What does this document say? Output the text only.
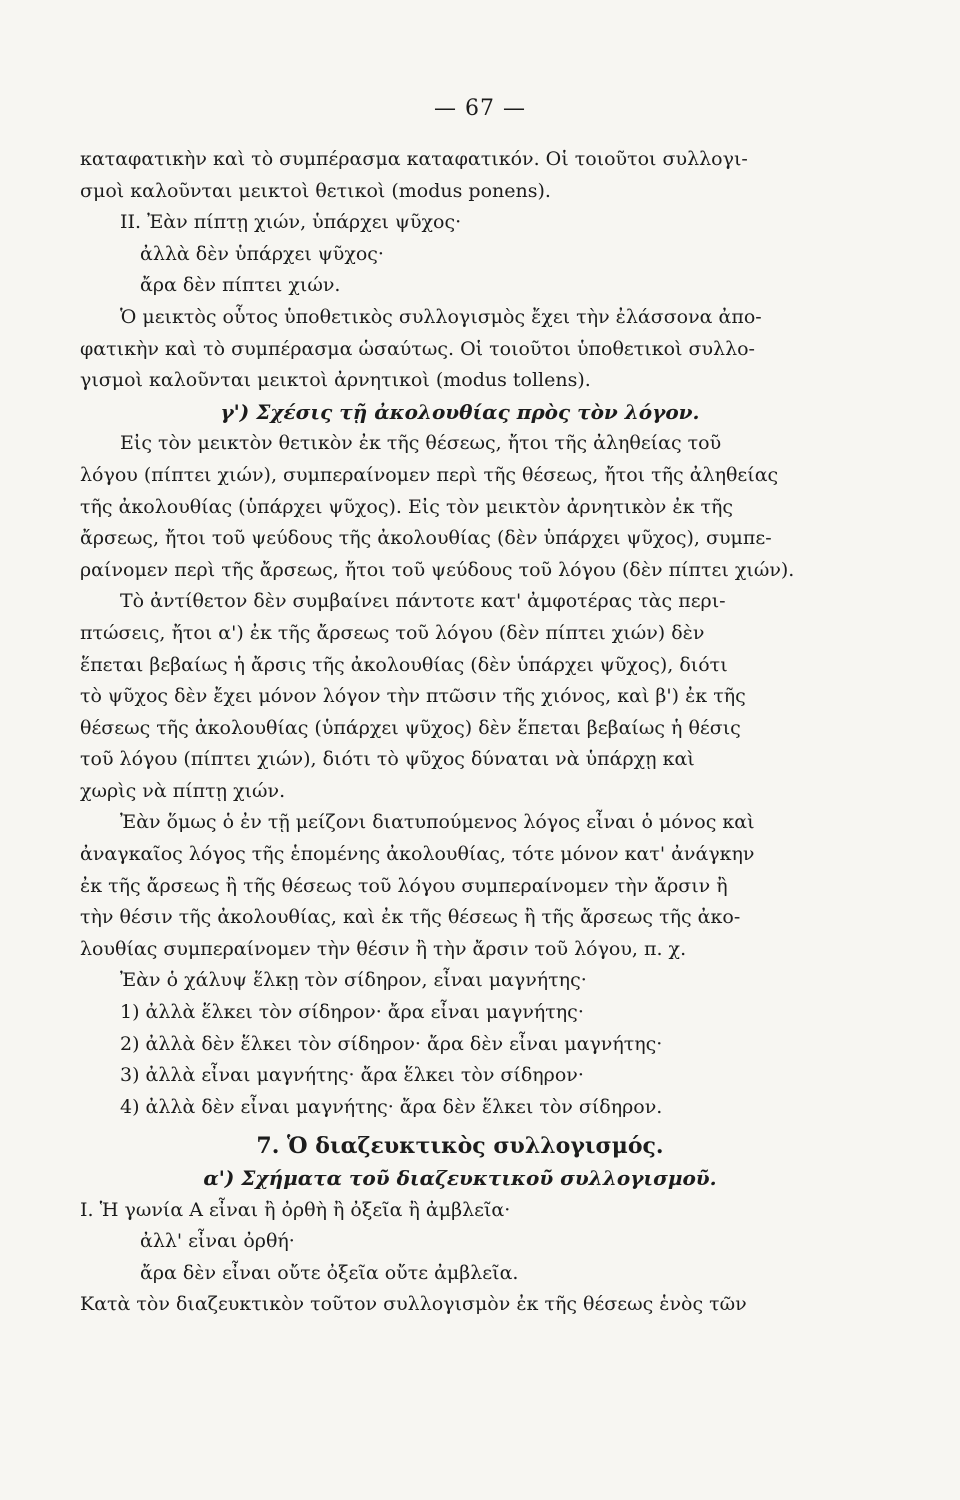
— 67 —
καταφατικὴν καὶ τὸ συμπέρασμα καταφατικόν. Οἱ τοιοῦτοι συλλογι-
σμοὶ καλοῦνται μεικτοὶ θετικοὶ (modus ponens).
II. Ἐὰν πίπτῃ χιών, ὑπάρχει ψῦχος·
ἀλλὰ δὲν ὑπάρχει ψῦχος·
ἄρα δὲν πίπτει χιών.
Ὁ μεικτὸς οὗτος ὑποθετικὸς συλλογισμὸς ἔχει τὴν ἐλάσσονα ἀπο-
φατικὴν καὶ τὸ συμπέρασμα ὡσαύτως. Οἱ τοιοῦτοι ὑποθετικοὶ συλλο-
γισμοὶ καλοῦνται μεικτοὶ ἀρνητικοὶ (modus tollens).
γ') Σχέσις τῇ ἀκολουθίας πρὸς τὸν λόγον.
Εἰς τὸν μεικτὸν θετικὸν ἐκ τῆς θέσεως, ἤτοι τῆς ἀληθείας τοῦ
λόγου (πίπτει χιών), συμπεραίνομεν περὶ τῆς θέσεως, ἤτοι τῆς ἀληθείας
τῆς ἀκολουθίας (ὑπάρχει ψῦχος). Εἰς τὸν μεικτὸν ἀρνητικὸν ἐκ τῆς
ἄρσεως, ἤτοι τοῦ ψεύδους τῆς ἀκολουθίας (δὲν ὑπάρχει ψῦχος), συμπε-
ραίνομεν περὶ τῆς ἄρσεως, ἤτοι τοῦ ψεύδους τοῦ λόγου (δὲν πίπτει χιών).
Τὸ ἀντίθετον δὲν συμβαίνει πάντοτε κατ' ἀμφοτέρας τὰς περι-
πτώσεις, ἤτοι α') ἐκ τῆς ἄρσεως τοῦ λόγου (δὲν πίπτει χιών) δὲν
ἕπεται βεβαίως ἡ ἄρσις τῆς ἀκολουθίας (δὲν ὑπάρχει ψῦχος), διότι
τὸ ψῦχος δὲν ἔχει μόνον λόγον τὴν πτῶσιν τῆς χιόνος, καὶ β') ἐκ τῆς
θέσεως τῆς ἀκολουθίας (ὑπάρχει ψῦχος) δὲν ἕπεται βεβαίως ἡ θέσις
τοῦ λόγου (πίπτει χιών), διότι τὸ ψῦχος δύναται νὰ ὑπάρχῃ καὶ
χωρὶς νὰ πίπτῃ χιών.
Ἐὰν ὅμως ὁ ἐν τῇ μείζονι διατυπούμενος λόγος εἶναι ὁ μόνος καὶ
ἀναγκαῖος λόγος τῆς ἑπομένης ἀκολουθίας, τότε μόνον κατ' ἀνάγκην
ἐκ τῆς ἄρσεως ἢ τῆς θέσεως τοῦ λόγου συμπεραίνομεν τὴν ἄρσιν ἢ
τὴν θέσιν τῆς ἀκολουθίας, καὶ ἐκ τῆς θέσεως ἢ τῆς ἄρσεως τῆς ἀκο-
λουθίας συμπεραίνομεν τὴν θέσιν ἢ τὴν ἄρσιν τοῦ λόγου, π. χ.
Ἐὰν ὁ χάλυψ ἕλκῃ τὸν σίδηρον, εἶναι μαγνήτης·
1) ἀλλὰ ἕλκει τὸν σίδηρον· ἄρα εἶναι μαγνήτης·
2) ἀλλὰ δὲν ἕλκει τὸν σίδηρον· ἄρα δὲν εἶναι μαγνήτης·
3) ἀλλὰ εἶναι μαγνήτης· ἄρα ἕλκει τὸν σίδηρον·
4) ἀλλὰ δὲν εἶναι μαγνήτης· ἄρα δὲν ἕλκει τὸν σίδηρον.
7. Ὁ διαζευκτικὸς συλλογισμός.
α') Σχήματα τοῦ διαζευκτικοῦ συλλογισμοῦ.
I. Ἡ γωνία Α εἶναι ἢ ὀρθὴ ἢ ὀξεῖα ἢ ἀμβλεῖα·
ἀλλ' εἶναι ὀρθή·
ἄρα δὲν εἶναι οὔτε ὀξεῖα οὔτε ἀμβλεῖα.
Κατὰ τὸν διαζευκτικὸν τοῦτον συλλογισμὸν ἐκ τῆς θέσεως ἑνὸς τῶν
